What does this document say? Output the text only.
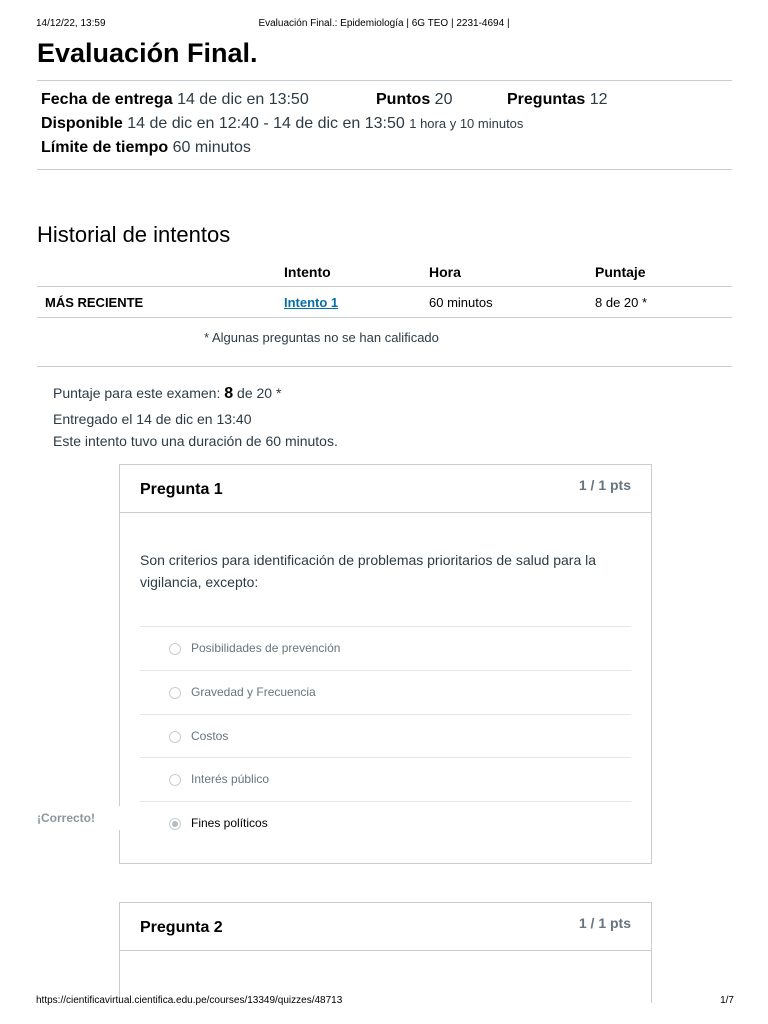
14/12/22, 13:59	Evaluación Final.: Epidemiología | 6G TEO | 2231-4694 |
Evaluación Final.
Fecha de entrega 14 de dic en 13:50	Puntos 20	Preguntas 12
Disponible 14 de dic en 12:40 - 14 de dic en 13:50 1 hora y 10 minutos
Límite de tiempo 60 minutos
Historial de intentos
	Intento	Hora	Puntaje
MÁS RECIENTE	Intento 1	60 minutos	8 de 20 *
* Algunas preguntas no se han calificado
Puntaje para este examen: 8 de 20 *
Entregado el 14 de dic en 13:40
Este intento tuvo una duración de 60 minutos.
Pregunta 1	1 / 1 pts
Son criterios para identificación de problemas prioritarios de salud para la vigilancia, excepto:
Posibilidades de prevención
Gravedad y Frecuencia
Costos
Interés público
Fines políticos
¡Correcto!
Pregunta 2	1 / 1 pts
https://cientificavirtual.cientifica.edu.pe/courses/13349/quizzes/48713	1/7
